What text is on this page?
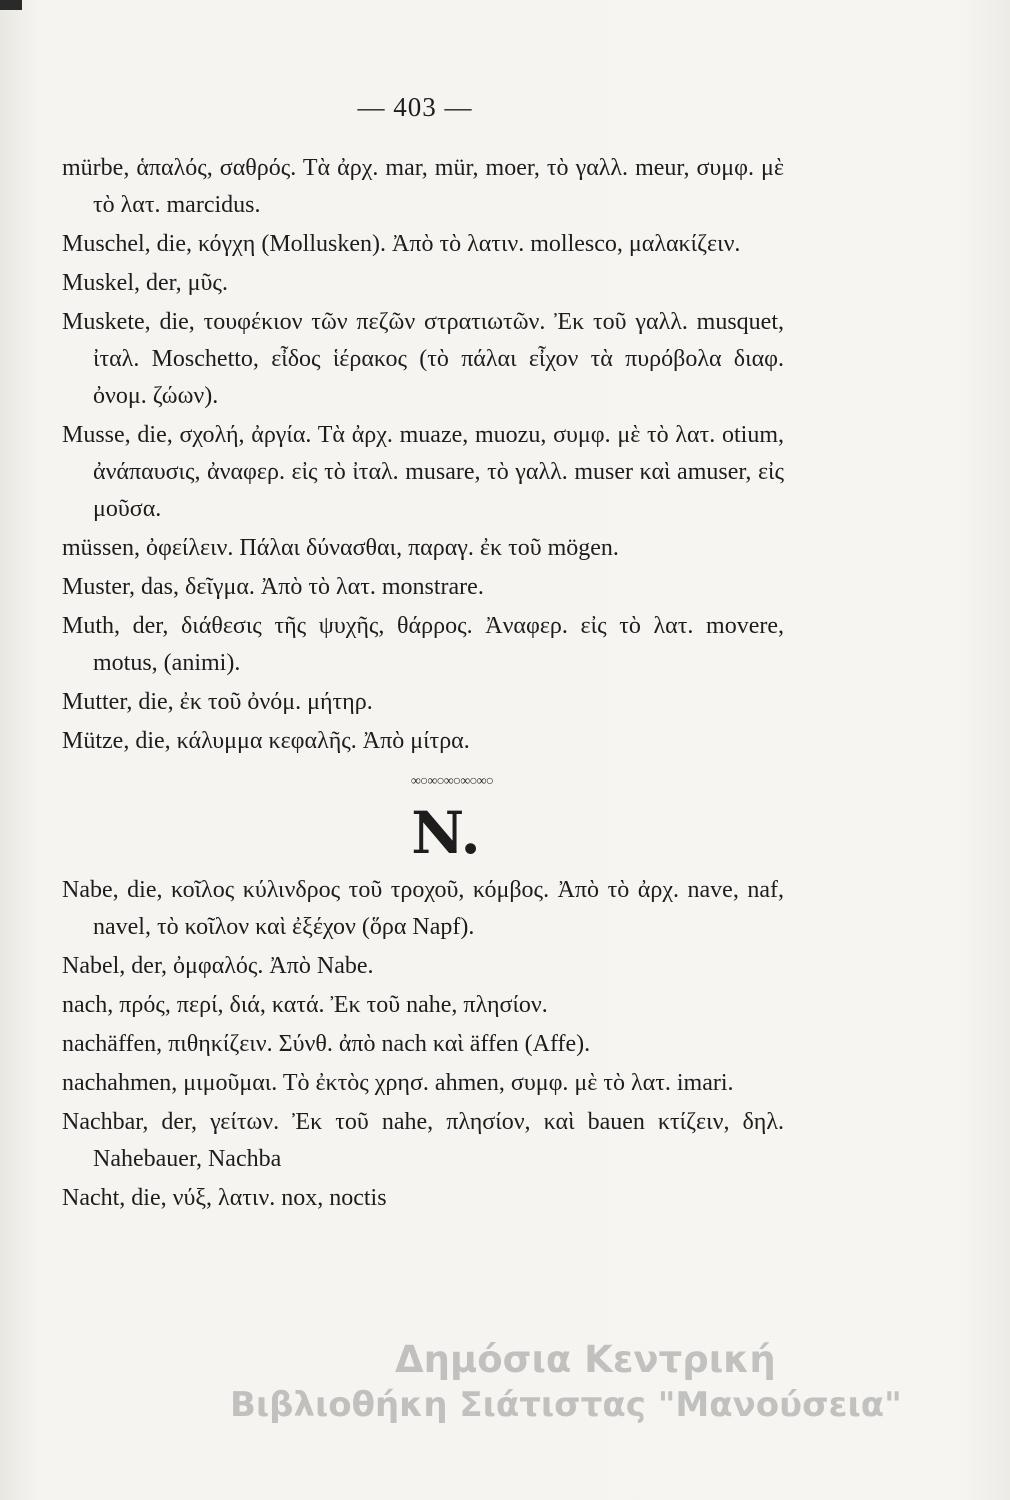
— 403 —

mürbe, ἁπαλός, σαθρός. Τὰ ἀρχ. mar, mür, moer, τὸ γαλλ. meur, συμφ. μὲ τὸ λατ. marcidus.

Muschel, die, κόγχη (Mollusken). Ἀπὸ τὸ λατιν. mollesco, μαλακίζειν.

Muskel, der, μῦς.

Muskete, die, τουφέκιον τῶν πεζῶν στρατιωτῶν. Ἐκ τοῦ γαλλ. musquet, ἰταλ. Moschetto, εἶδος ἱέρακος (τὸ πάλαι εἶχον τὰ πυρόβολα διαφ. ὀνομ. ζώων).

Musse, die, σχολή, ἀργία. Τὰ ἀρχ. muaze, muozu, συμφ. μὲ τὸ λατ. otium, ἀνάπαυσις, ἀναφερ. εἰς τὸ ἰταλ. musare, τὸ γαλλ. muser καὶ amuser, εἰς μοῦσα.

müssen, ὀφείλειν. Πάλαι δύνασθαι, παραγ. ἐκ τοῦ mögen.

Muster, das, δεῖγμα. Ἀπὸ τὸ λατ. monstrare.

Muth, der, διάθεσις τῆς ψυχῆς, θάρρος. Ἀναφερ. εἰς τὸ λατ. movere, motus, (animi).

Mutter, die, ἐκ τοῦ ὀνόμ. μήτηρ.

Mütze, die, κάλυμμα κεφαλῆς. Ἀπὸ μίτρα.

∞○∞○∞○∞○∞○
N.

Nabe, die, κοῖλος κύλινδρος τοῦ τροχοῦ, κόμβος. Ἀπὸ τὸ ἀρχ. nave, naf, navel, τὸ κοῖλον καὶ ἐξέχον (ὅρα Napf).

Nabel, der, ὀμφαλός. Ἀπὸ Nabe.

nach, πρός, περί, διά, κατά. Ἐκ τοῦ nahe, πλησίον.

nachäffen, πιθηκίζειν. Σύνθ. ἀπὸ nach καὶ äffen (Affe).

nachahmen, μιμοῦμαι. Τὸ ἐκτὸς χρησ. ahmen, συμφ. μὲ τὸ λατ. imari.

Nachbar, der, γείτων. Ἐκ τοῦ nahe, πλησίον, καὶ bauen κτίζειν, δηλ. Nahebauer, Nachba

Nacht, die, νύξ, λατιν. nox, noctis

Δημόσια Κεντρική
Βιβλιοθήκη Σιάτιστας "Μανούσεια"
